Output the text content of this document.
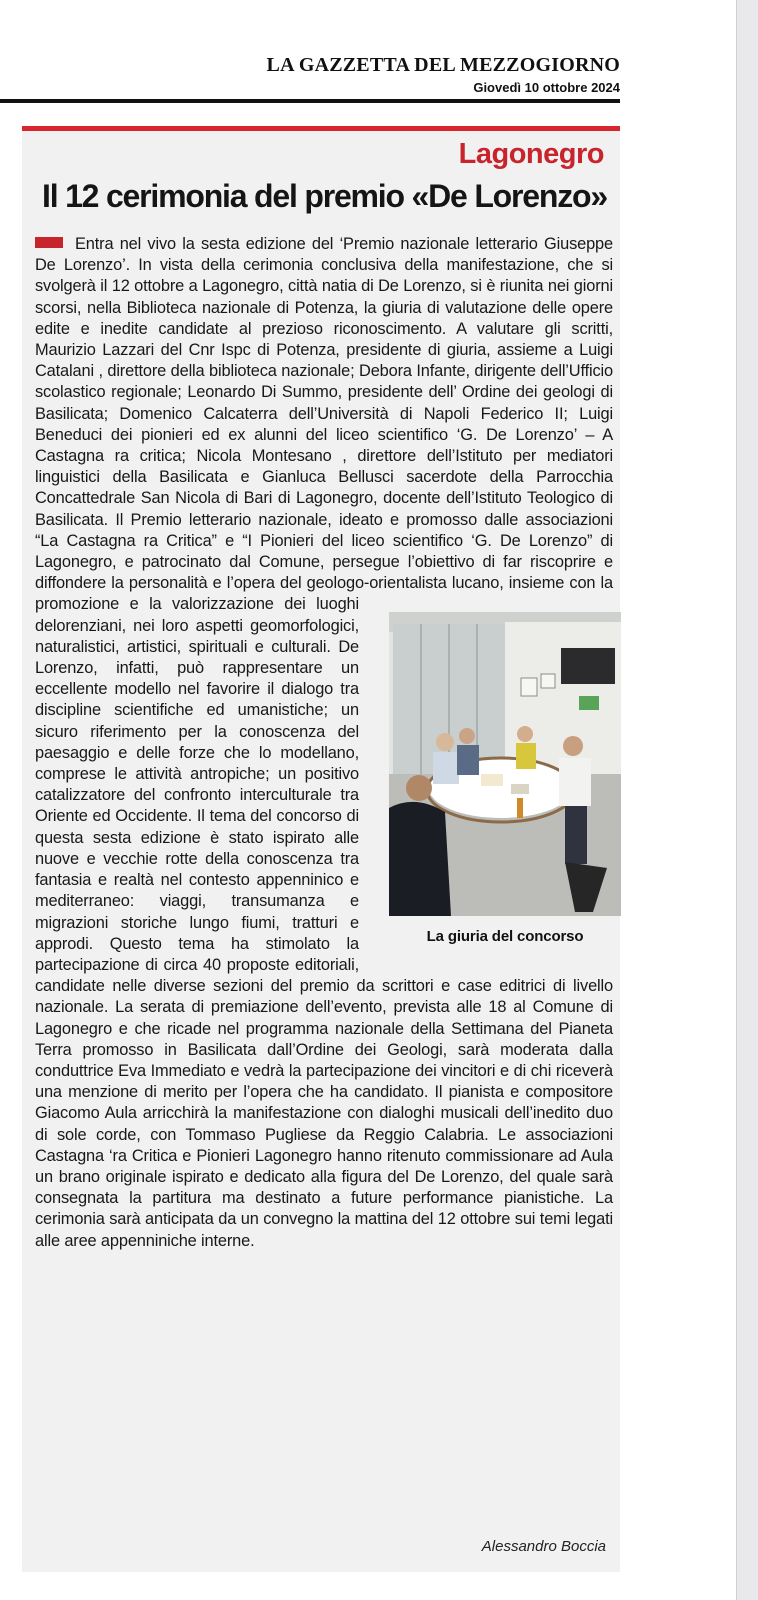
LA GAZZETTA DEL MEZZOGIORNO
Giovedì 10 ottobre 2024
Lagonegro
Il 12 cerimonia del premio «De Lorenzo»
Entra nel vivo la sesta edizione del ‘Premio nazionale letterario Giuseppe De Lorenzo’. In vista della cerimonia conclusiva della manifestazione, che si svolgerà il 12 ottobre a Lagonegro, città natia di De Lorenzo, si è riunita nei giorni scorsi, nella Biblioteca nazionale di Potenza, la giuria di valutazione delle opere edite e inedite candidate al prezioso riconoscimento. A valutare gli scritti, Maurizio Lazzari del Cnr Ispc di Potenza, presidente di giuria, assieme a Luigi Catalani , direttore della biblioteca nazionale; Debora Infante, dirigente dell’Ufficio scolastico regionale; Leonardo Di Summo, presidente dell’ Ordine dei geologi di Basilicata; Domenico Calcaterra dell’Università di Napoli Federico II; Luigi Beneduci dei pionieri ed ex alunni del liceo scientifico ‘G. De Lorenzo’ – A Castagna ra critica; Nicola Montesano , direttore dell’Istituto per mediatori linguistici della Basilicata e Gianluca Bellusci sacerdote della Parrocchia Concattedrale San Nicola di Bari di Lagonegro, docente dell’Istituto Teologico di Basilicata. Il Premio letterario nazionale, ideato e promosso dalle associazioni “La Castagna ra Critica” e “I Pionieri del liceo scientifico ‘G. De Lorenzo” di Lagonegro, e patrocinato dal Comune, persegue l’obiettivo di far riscoprire e diffondere la personalità e l’opera del geologo-orientalista lucano, insieme con la promozione e la
La giuria del concorso
valorizzazione dei luoghi delorenziani, nei loro aspetti geomorfologici, naturalistici, artistici, spirituali e culturali. De Lorenzo, infatti, può rappresentare un eccellente modello nel favorire il dialogo tra discipline scientifiche ed umanistiche; un sicuro riferimento per la conoscenza del paesaggio e delle forze che lo modellano, comprese le attività antropiche; un positivo catalizzatore del confronto interculturale tra Oriente ed Occidente. Il tema del concorso di questa sesta edizione è stato ispirato alle nuove e vecchie rotte della conoscenza tra fantasia e realtà nel contesto appenninico e mediterraneo: viaggi, transumanza e migrazioni storiche lungo fiumi, tratturi e approdi. Questo tema ha stimolato la partecipazione di circa 40 proposte editoriali, candidate nelle diverse sezioni del premio da scrittori e case editrici di livello nazionale. La serata di premiazione dell’evento, prevista alle 18 al Comune di Lagonegro e che ricade nel programma nazionale della Settimana del Pianeta Terra promosso in Basilicata dall’Ordine dei Geologi, sarà moderata dalla conduttrice Eva Immediato e vedrà la partecipazione dei vincitori e di chi riceverà una menzione di merito per l’opera che ha candidato. Il pianista e compositore Giacomo Aula arricchirà la manifestazione con dialoghi musicali dell’inedito duo di sole corde, con Tommaso Pugliese da Reggio Calabria. Le associazioni Castagna ‘ra Critica e Pionieri Lagonegro hanno ritenuto commissionare ad Aula un brano originale ispirato e dedicato alla figura del De Lorenzo, del quale sarà consegnata la partitura ma destinato a future performance pianistiche. La cerimonia sarà anticipata da un convegno la mattina del 12 ottobre sui temi legati alle aree appenniniche interne.
Alessandro Boccia
